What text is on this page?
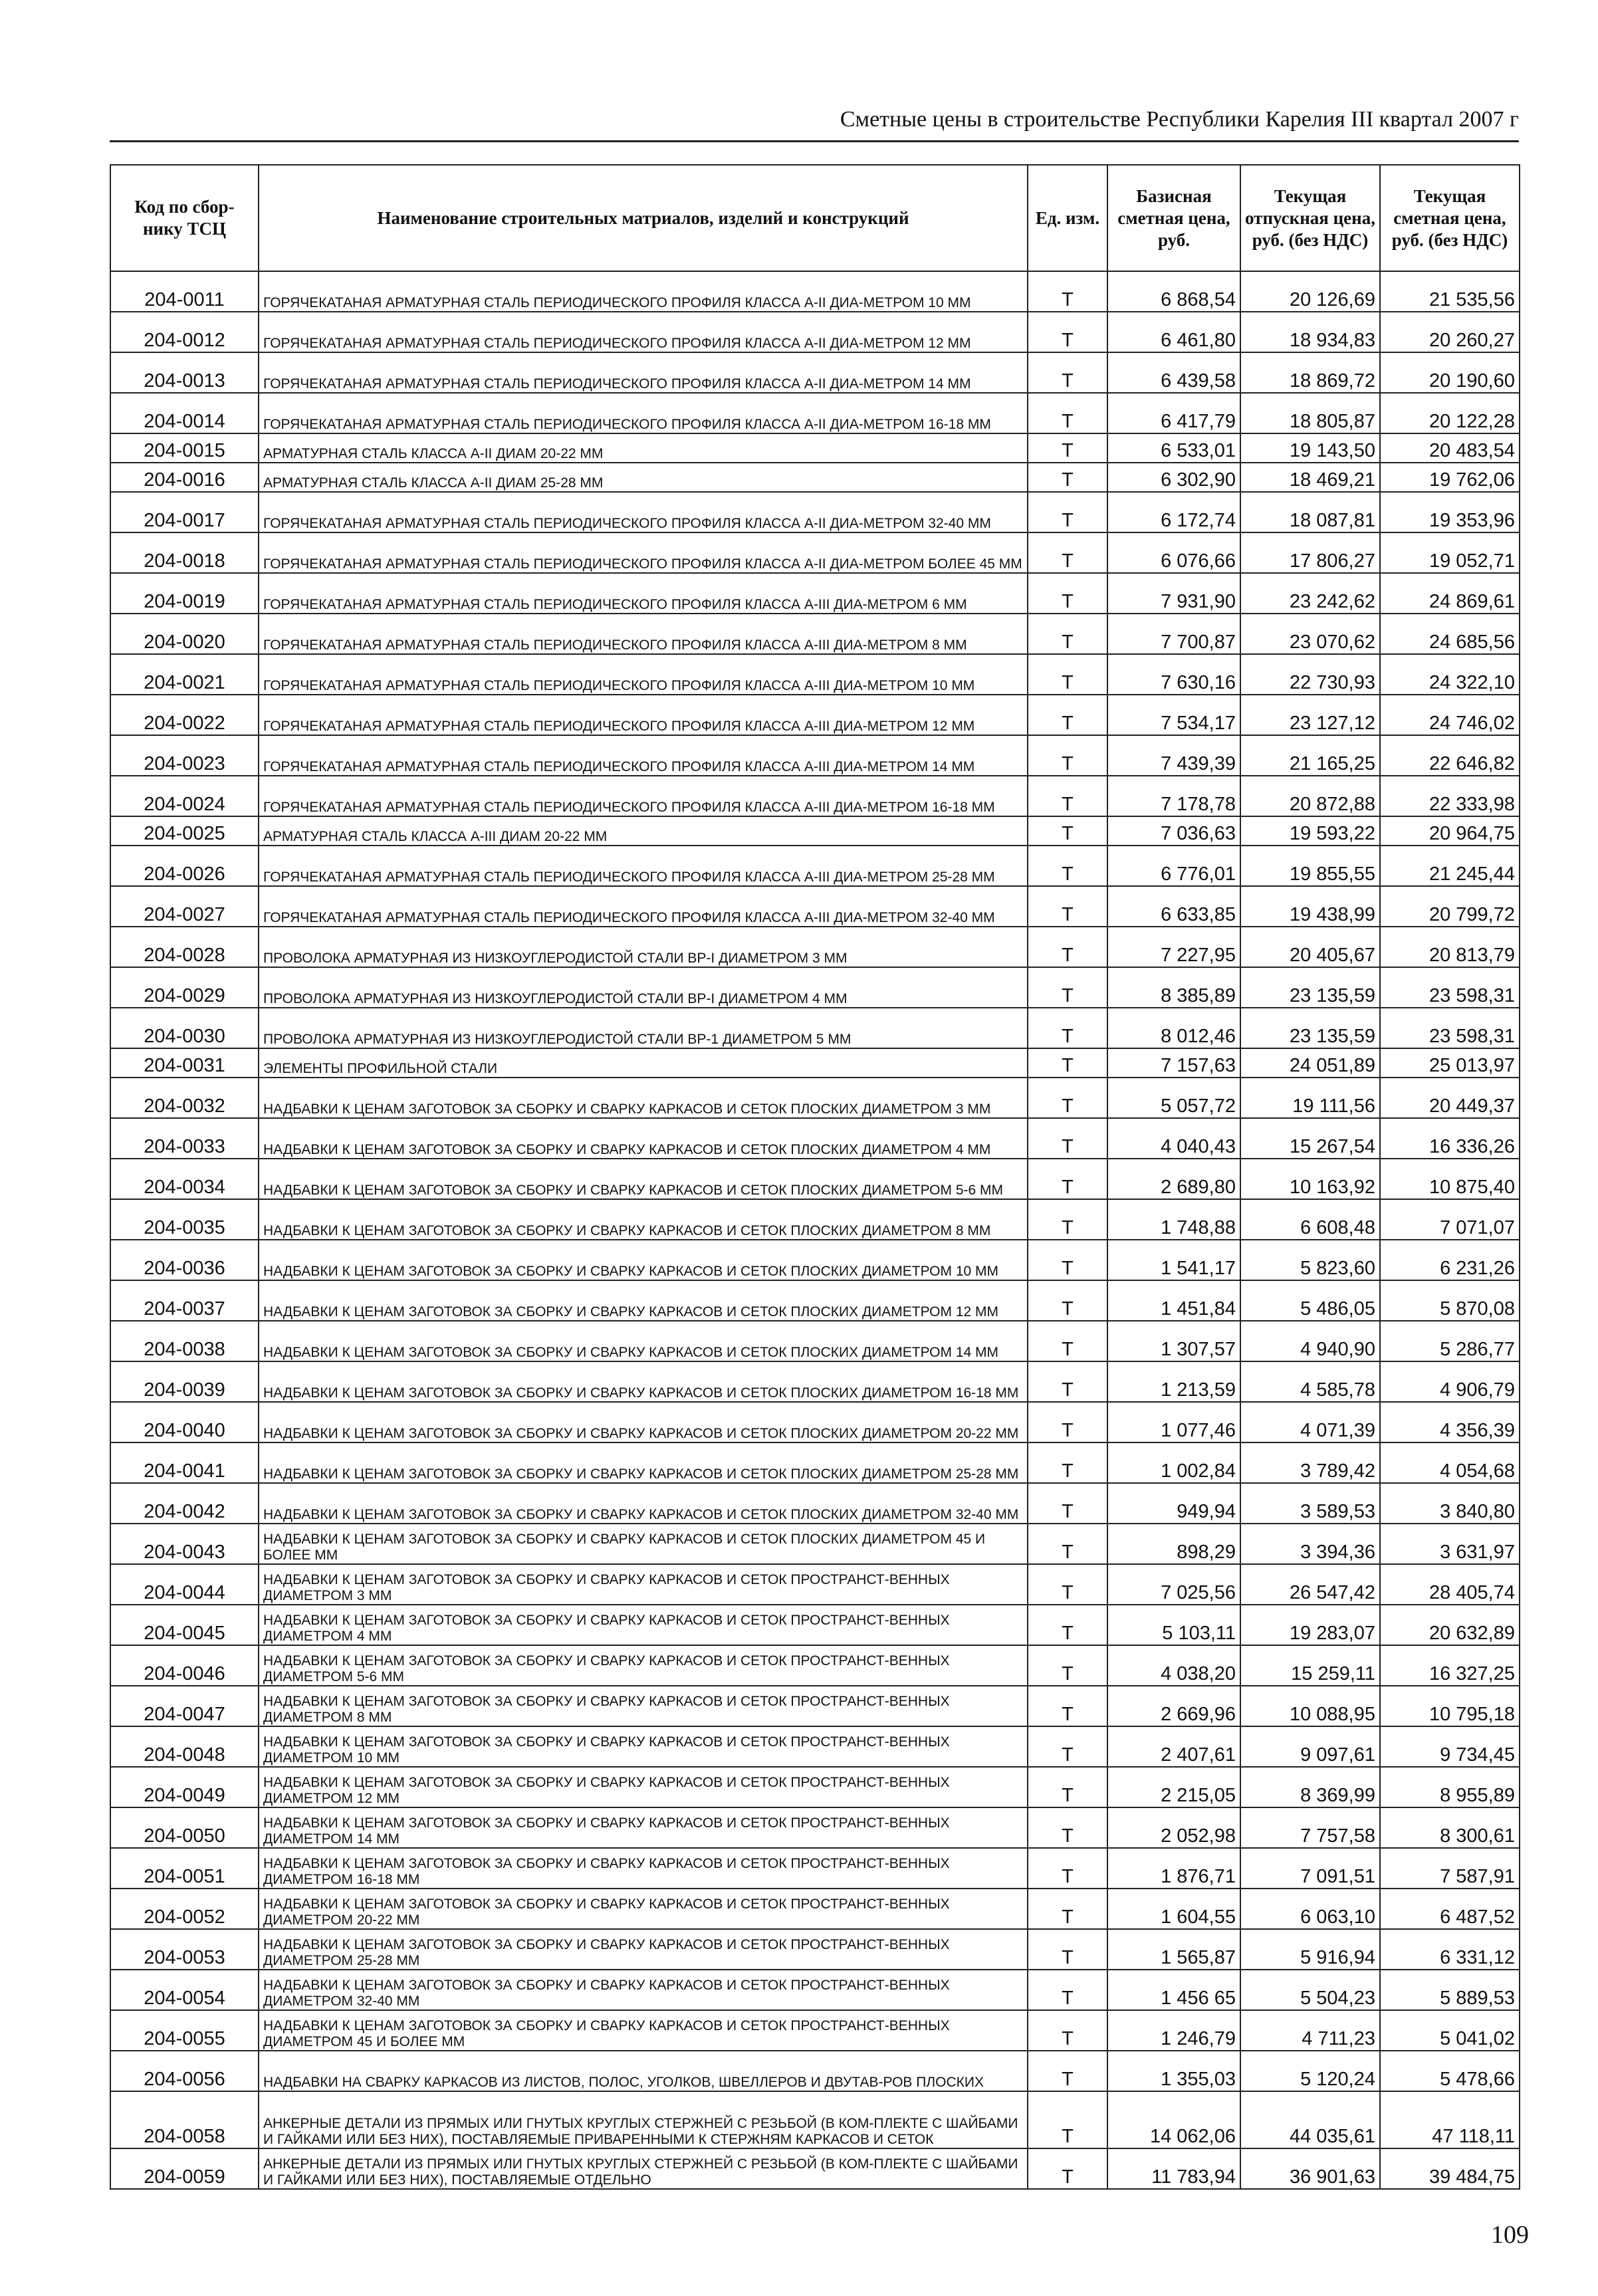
Сметные цены в строительстве Республики Карелия III квартал 2007 г
Код по сбор-нику ТСЦ	Наименование строительных матриалов, изделий и конструкций	Ед. изм.	Базисная сметная цена, руб.	Текущая отпускная цена, руб. (без НДС)	Текущая сметная цена, руб. (без НДС)
204-0011	ГОРЯЧЕКАТАНАЯ АРМАТУРНАЯ СТАЛЬ ПЕРИОДИЧЕСКОГО ПРОФИЛЯ КЛАССА А-II ДИА-МЕТРОМ 10 ММ	Т	6 868,54	20 126,69	21 535,56
204-0012	ГОРЯЧЕКАТАНАЯ АРМАТУРНАЯ СТАЛЬ ПЕРИОДИЧЕСКОГО ПРОФИЛЯ КЛАССА А-II ДИА-МЕТРОМ 12 ММ	Т	6 461,80	18 934,83	20 260,27
204-0013	ГОРЯЧЕКАТАНАЯ АРМАТУРНАЯ СТАЛЬ ПЕРИОДИЧЕСКОГО ПРОФИЛЯ КЛАССА А-II ДИА-МЕТРОМ 14 ММ	Т	6 439,58	18 869,72	20 190,60
204-0014	ГОРЯЧЕКАТАНАЯ АРМАТУРНАЯ СТАЛЬ ПЕРИОДИЧЕСКОГО ПРОФИЛЯ КЛАССА А-II ДИА-МЕТРОМ 16-18 ММ	Т	6 417,79	18 805,87	20 122,28
204-0015	АРМАТУРНАЯ СТАЛЬ КЛАССА А-II ДИАМ 20-22 ММ	Т	6 533,01	19 143,50	20 483,54
204-0016	АРМАТУРНАЯ СТАЛЬ КЛАССА А-II ДИАМ 25-28 ММ	Т	6 302,90	18 469,21	19 762,06
204-0017	ГОРЯЧЕКАТАНАЯ АРМАТУРНАЯ СТАЛЬ ПЕРИОДИЧЕСКОГО ПРОФИЛЯ КЛАССА А-II ДИА-МЕТРОМ 32-40 ММ	Т	6 172,74	18 087,81	19 353,96
204-0018	ГОРЯЧЕКАТАНАЯ АРМАТУРНАЯ СТАЛЬ ПЕРИОДИЧЕСКОГО ПРОФИЛЯ КЛАССА А-II ДИА-МЕТРОМ БОЛЕЕ 45 ММ	Т	6 076,66	17 806,27	19 052,71
204-0019	ГОРЯЧЕКАТАНАЯ АРМАТУРНАЯ СТАЛЬ ПЕРИОДИЧЕСКОГО ПРОФИЛЯ КЛАССА А-III ДИА-МЕТРОМ 6 ММ	Т	7 931,90	23 242,62	24 869,61
204-0020	ГОРЯЧЕКАТАНАЯ АРМАТУРНАЯ СТАЛЬ ПЕРИОДИЧЕСКОГО ПРОФИЛЯ КЛАССА А-III ДИА-МЕТРОМ 8 ММ	Т	7 700,87	23 070,62	24 685,56
204-0021	ГОРЯЧЕКАТАНАЯ АРМАТУРНАЯ СТАЛЬ ПЕРИОДИЧЕСКОГО ПРОФИЛЯ КЛАССА А-III ДИА-МЕТРОМ 10 ММ	Т	7 630,16	22 730,93	24 322,10
204-0022	ГОРЯЧЕКАТАНАЯ АРМАТУРНАЯ СТАЛЬ ПЕРИОДИЧЕСКОГО ПРОФИЛЯ КЛАССА А-III ДИА-МЕТРОМ 12 ММ	Т	7 534,17	23 127,12	24 746,02
204-0023	ГОРЯЧЕКАТАНАЯ АРМАТУРНАЯ СТАЛЬ ПЕРИОДИЧЕСКОГО ПРОФИЛЯ КЛАССА А-III ДИА-МЕТРОМ 14 ММ	Т	7 439,39	21 165,25	22 646,82
204-0024	ГОРЯЧЕКАТАНАЯ АРМАТУРНАЯ СТАЛЬ ПЕРИОДИЧЕСКОГО ПРОФИЛЯ КЛАССА А-III ДИА-МЕТРОМ 16-18 ММ	Т	7 178,78	20 872,88	22 333,98
204-0025	АРМАТУРНАЯ СТАЛЬ КЛАССА А-III ДИАМ 20-22 ММ	Т	7 036,63	19 593,22	20 964,75
204-0026	ГОРЯЧЕКАТАНАЯ АРМАТУРНАЯ СТАЛЬ ПЕРИОДИЧЕСКОГО ПРОФИЛЯ КЛАССА А-III ДИА-МЕТРОМ 25-28 ММ	Т	6 776,01	19 855,55	21 245,44
204-0027	ГОРЯЧЕКАТАНАЯ АРМАТУРНАЯ СТАЛЬ ПЕРИОДИЧЕСКОГО ПРОФИЛЯ КЛАССА А-III ДИА-МЕТРОМ 32-40 ММ	Т	6 633,85	19 438,99	20 799,72
204-0028	ПРОВОЛОКА АРМАТУРНАЯ ИЗ НИЗКОУГЛЕРОДИСТОЙ СТАЛИ ВР-I ДИАМЕТРОМ 3 ММ	Т	7 227,95	20 405,67	20 813,79
204-0029	ПРОВОЛОКА АРМАТУРНАЯ ИЗ НИЗКОУГЛЕРОДИСТОЙ СТАЛИ ВР-I ДИАМЕТРОМ 4 ММ	Т	8 385,89	23 135,59	23 598,31
204-0030	ПРОВОЛОКА АРМАТУРНАЯ ИЗ НИЗКОУГЛЕРОДИСТОЙ СТАЛИ ВР-1 ДИАМЕТРОМ 5 ММ	Т	8 012,46	23 135,59	23 598,31
204-0031	ЭЛЕМЕНТЫ ПРОФИЛЬНОЙ СТАЛИ	Т	7 157,63	24 051,89	25 013,97
204-0032	НАДБАВКИ К ЦЕНАМ ЗАГОТОВОК ЗА СБОРКУ И СВАРКУ КАРКАСОВ И СЕТОК ПЛОСКИХ ДИАМЕТРОМ 3 ММ	Т	5 057,72	19 111,56	20 449,37
204-0033	НАДБАВКИ К ЦЕНАМ ЗАГОТОВОК ЗА СБОРКУ И СВАРКУ КАРКАСОВ И СЕТОК ПЛОСКИХ ДИАМЕТРОМ 4 ММ	Т	4 040,43	15 267,54	16 336,26
204-0034	НАДБАВКИ К ЦЕНАМ ЗАГОТОВОК ЗА СБОРКУ И СВАРКУ КАРКАСОВ И СЕТОК ПЛОСКИХ ДИАМЕТРОМ 5-6 ММ	Т	2 689,80	10 163,92	10 875,40
204-0035	НАДБАВКИ К ЦЕНАМ ЗАГОТОВОК ЗА СБОРКУ И СВАРКУ КАРКАСОВ И СЕТОК ПЛОСКИХ ДИАМЕТРОМ 8 ММ	Т	1 748,88	6 608,48	7 071,07
204-0036	НАДБАВКИ К ЦЕНАМ ЗАГОТОВОК ЗА СБОРКУ И СВАРКУ КАРКАСОВ И СЕТОК ПЛОСКИХ ДИАМЕТРОМ 10 ММ	Т	1 541,17	5 823,60	6 231,26
204-0037	НАДБАВКИ К ЦЕНАМ ЗАГОТОВОК ЗА СБОРКУ И СВАРКУ КАРКАСОВ И СЕТОК ПЛОСКИХ ДИАМЕТРОМ 12 ММ	Т	1 451,84	5 486,05	5 870,08
204-0038	НАДБАВКИ К ЦЕНАМ ЗАГОТОВОК ЗА СБОРКУ И СВАРКУ КАРКАСОВ И СЕТОК ПЛОСКИХ ДИАМЕТРОМ 14 ММ	Т	1 307,57	4 940,90	5 286,77
204-0039	НАДБАВКИ К ЦЕНАМ ЗАГОТОВОК ЗА СБОРКУ И СВАРКУ КАРКАСОВ И СЕТОК ПЛОСКИХ ДИАМЕТРОМ 16-18 ММ	Т	1 213,59	4 585,78	4 906,79
204-0040	НАДБАВКИ К ЦЕНАМ ЗАГОТОВОК ЗА СБОРКУ И СВАРКУ КАРКАСОВ И СЕТОК ПЛОСКИХ ДИАМЕТРОМ 20-22 ММ	Т	1 077,46	4 071,39	4 356,39
204-0041	НАДБАВКИ К ЦЕНАМ ЗАГОТОВОК ЗА СБОРКУ И СВАРКУ КАРКАСОВ И СЕТОК ПЛОСКИХ ДИАМЕТРОМ 25-28 ММ	Т	1 002,84	3 789,42	4 054,68
204-0042	НАДБАВКИ К ЦЕНАМ ЗАГОТОВОК ЗА СБОРКУ И СВАРКУ КАРКАСОВ И СЕТОК ПЛОСКИХ ДИАМЕТРОМ 32-40 ММ	Т	949,94	3 589,53	3 840,80
204-0043	НАДБАВКИ К ЦЕНАМ ЗАГОТОВОК ЗА СБОРКУ И СВАРКУ КАРКАСОВ И СЕТОК ПЛОСКИХ ДИАМЕТРОМ 45 И БОЛЕЕ ММ	Т	898,29	3 394,36	3 631,97
204-0044	НАДБАВКИ К ЦЕНАМ ЗАГОТОВОК ЗА СБОРКУ И СВАРКУ КАРКАСОВ И СЕТОК ПРОСТРАНСТ-ВЕННЫХ ДИАМЕТРОМ 3 ММ	Т	7 025,56	26 547,42	28 405,74
204-0045	НАДБАВКИ К ЦЕНАМ ЗАГОТОВОК ЗА СБОРКУ И СВАРКУ КАРКАСОВ И СЕТОК ПРОСТРАНСТ-ВЕННЫХ ДИАМЕТРОМ 4 ММ	Т	5 103,11	19 283,07	20 632,89
204-0046	НАДБАВКИ К ЦЕНАМ ЗАГОТОВОК ЗА СБОРКУ И СВАРКУ КАРКАСОВ И СЕТОК ПРОСТРАНСТ-ВЕННЫХ ДИАМЕТРОМ 5-6 ММ	Т	4 038,20	15 259,11	16 327,25
204-0047	НАДБАВКИ К ЦЕНАМ ЗАГОТОВОК ЗА СБОРКУ И СВАРКУ КАРКАСОВ И СЕТОК ПРОСТРАНСТ-ВЕННЫХ ДИАМЕТРОМ 8 ММ	Т	2 669,96	10 088,95	10 795,18
204-0048	НАДБАВКИ К ЦЕНАМ ЗАГОТОВОК ЗА СБОРКУ И СВАРКУ КАРКАСОВ И СЕТОК ПРОСТРАНСТ-ВЕННЫХ ДИАМЕТРОМ 10 ММ	Т	2 407,61	9 097,61	9 734,45
204-0049	НАДБАВКИ К ЦЕНАМ ЗАГОТОВОК ЗА СБОРКУ И СВАРКУ КАРКАСОВ И СЕТОК ПРОСТРАНСТ-ВЕННЫХ ДИАМЕТРОМ 12 ММ	Т	2 215,05	8 369,99	8 955,89
204-0050	НАДБАВКИ К ЦЕНАМ ЗАГОТОВОК ЗА СБОРКУ И СВАРКУ КАРКАСОВ И СЕТОК ПРОСТРАНСТ-ВЕННЫХ ДИАМЕТРОМ 14 ММ	Т	2 052,98	7 757,58	8 300,61
204-0051	НАДБАВКИ К ЦЕНАМ ЗАГОТОВОК ЗА СБОРКУ И СВАРКУ КАРКАСОВ И СЕТОК ПРОСТРАНСТ-ВЕННЫХ ДИАМЕТРОМ 16-18 ММ	Т	1 876,71	7 091,51	7 587,91
204-0052	НАДБАВКИ К ЦЕНАМ ЗАГОТОВОК ЗА СБОРКУ И СВАРКУ КАРКАСОВ И СЕТОК ПРОСТРАНСТ-ВЕННЫХ ДИАМЕТРОМ 20-22 ММ	Т	1 604,55	6 063,10	6 487,52
204-0053	НАДБАВКИ К ЦЕНАМ ЗАГОТОВОК ЗА СБОРКУ И СВАРКУ КАРКАСОВ И СЕТОК ПРОСТРАНСТ-ВЕННЫХ ДИАМЕТРОМ 25-28 ММ	Т	1 565,87	5 916,94	6 331,12
204-0054	НАДБАВКИ К ЦЕНАМ ЗАГОТОВОК ЗА СБОРКУ И СВАРКУ КАРКАСОВ И СЕТОК ПРОСТРАНСТ-ВЕННЫХ ДИАМЕТРОМ 32-40 ММ	Т	1 456 65	5 504,23	5 889,53
204-0055	НАДБАВКИ К ЦЕНАМ ЗАГОТОВОК ЗА СБОРКУ И СВАРКУ КАРКАСОВ И СЕТОК ПРОСТРАНСТ-ВЕННЫХ ДИАМЕТРОМ 45 И БОЛЕЕ ММ	Т	1 246,79	4 711,23	5 041,02
204-0056	НАДБАВКИ НА СВАРКУ КАРКАСОВ ИЗ ЛИСТОВ, ПОЛОС, УГОЛКОВ, ШВЕЛЛЕРОВ И ДВУТАВ-РОВ ПЛОСКИХ	Т	1 355,03	5 120,24	5 478,66
204-0058	АНКЕРНЫЕ ДЕТАЛИ ИЗ ПРЯМЫХ ИЛИ ГНУТЫХ КРУГЛЫХ СТЕРЖНЕЙ С РЕЗЬБОЙ (В КОМ-ПЛЕКТЕ С ШАЙБАМИ И ГАЙКАМИ ИЛИ БЕЗ НИХ), ПОСТАВЛЯЕМЫЕ ПРИВАРЕННЫМИ К СТЕРЖНЯМ КАРКАСОВ И СЕТОК	Т	14 062,06	44 035,61	47 118,11
204-0059	АНКЕРНЫЕ ДЕТАЛИ ИЗ ПРЯМЫХ ИЛИ ГНУТЫХ КРУГЛЫХ СТЕРЖНЕЙ С РЕЗЬБОЙ (В КОМ-ПЛЕКТЕ С ШАЙБАМИ И ГАЙКАМИ ИЛИ БЕЗ НИХ), ПОСТАВЛЯЕМЫЕ ОТДЕЛЬНО	Т	11 783,94	36 901,63	39 484,75
109
